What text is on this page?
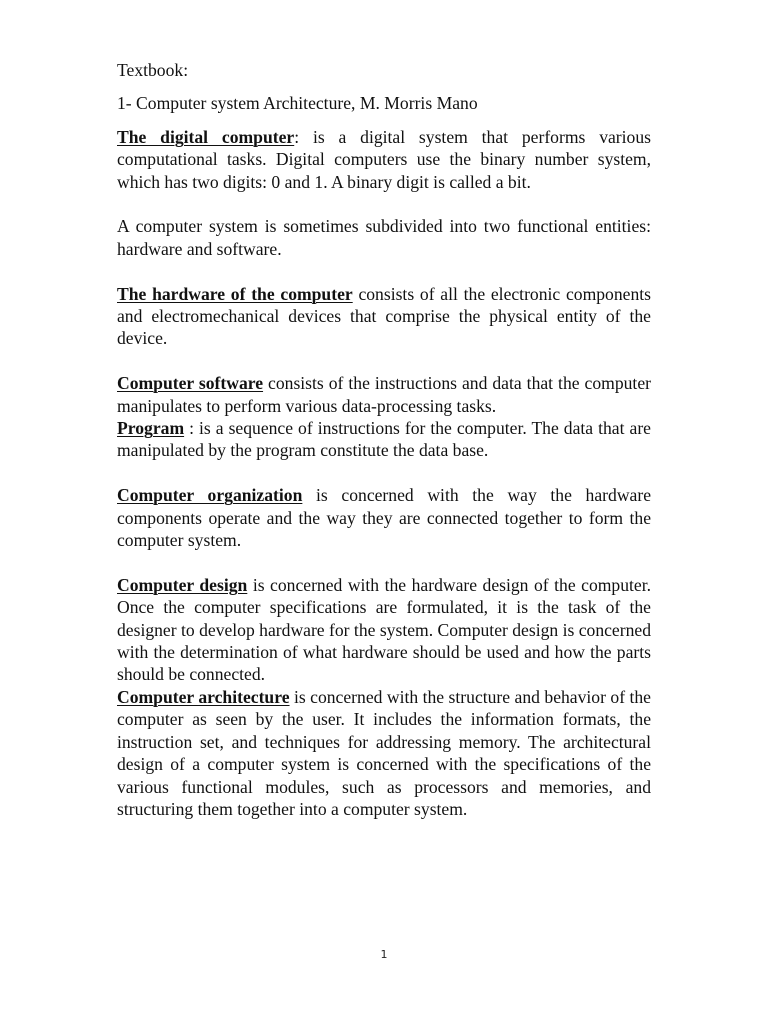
Textbook:

1- Computer system Architecture, M. Morris Mano

The digital computer: is a digital system that performs various computational tasks. Digital computers use the binary number system, which has two digits: 0 and 1. A binary digit is called a bit.

A computer system is sometimes subdivided into two functional entities: hardware and software.

The hardware of the computer consists of all the electronic components and electromechanical devices that comprise the physical entity of the device.

Computer software consists of the instructions and data that the computer manipulates to perform various data-processing tasks.

Program : is a sequence of instructions for the computer. The data that are manipulated by the program constitute the data base.

Computer organization is concerned with the way the hardware components operate and the way they are connected together to form the computer system.

Computer design is concerned with the hardware design of the computer. Once the computer specifications are formulated, it is the task of the designer to develop hardware for the system. Computer design is concerned with the determination of what hardware should be used and how the parts should be connected.

Computer architecture is concerned with the structure and behavior of the computer as seen by the user. It includes the information formats, the instruction set, and techniques for addressing memory. The architectural design of a computer system is concerned with the specifications of the various functional modules, such as processors and memories, and structuring them together into a computer system.

1
